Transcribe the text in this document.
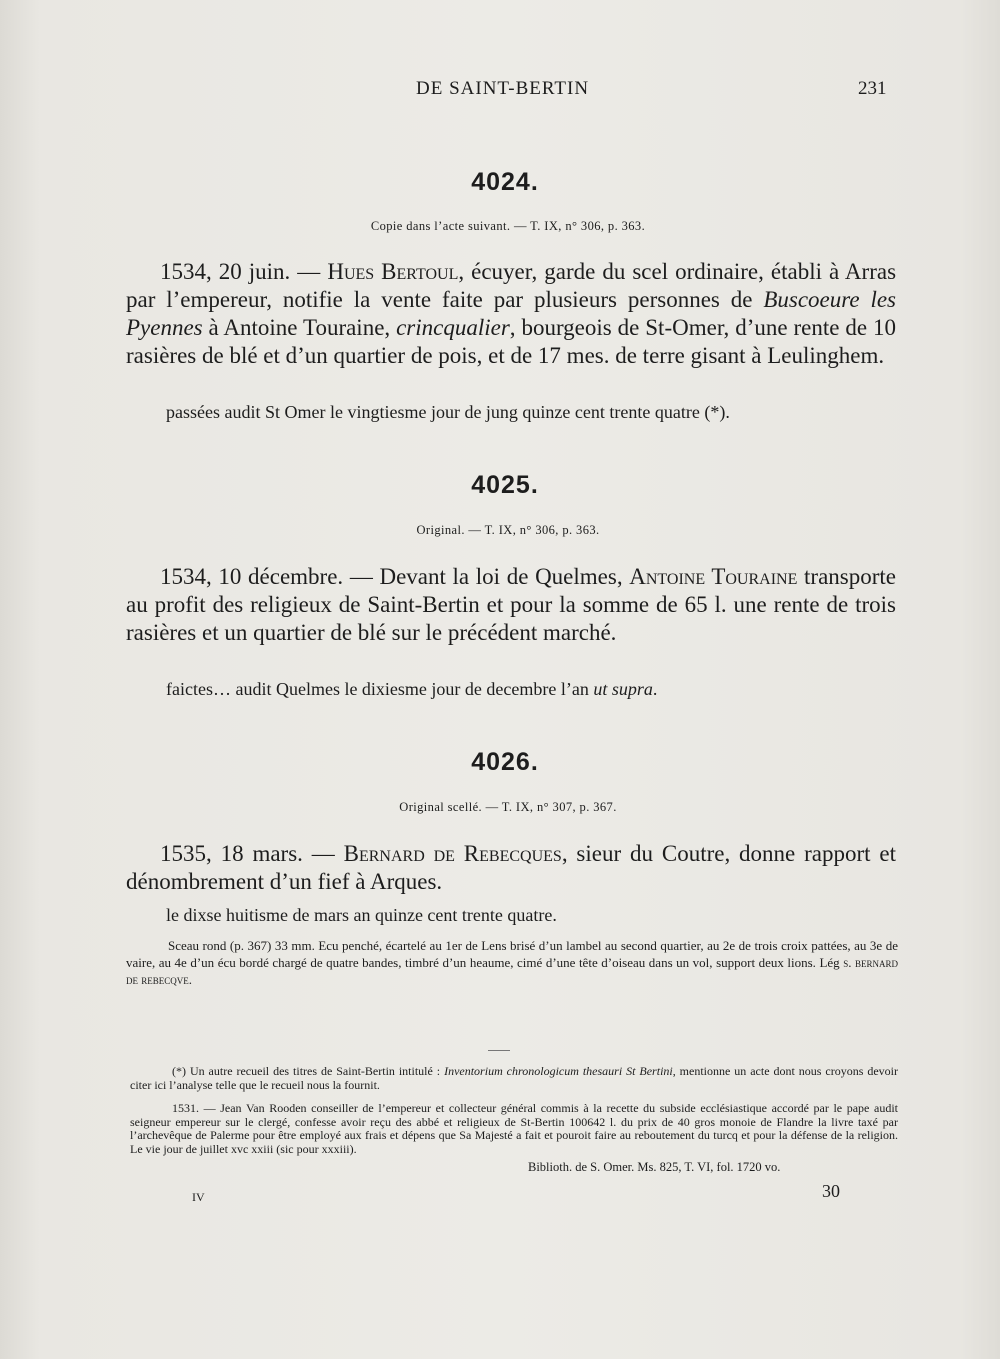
DE SAINT-BERTIN	231
4024.
Copie dans l’acte suivant. — T. IX, n° 306, p. 363.

1534, 20 juin. — Hues Bertoul, écuyer, garde du scel ordinaire, établi à Arras par l’empereur, notifie la vente faite par plusieurs personnes de Buscoeure les Pyennes à Antoine Touraine, crincqualier, bourgeois de St-Omer, d’une rente de 10 rasières de blé et d’un quartier de pois, et de 17 mes. de terre gisant à Leulinghem.

passées audit St Omer le vingtiesme jour de jung quinze cent trente quatre (*).

4025.
Original. — T. IX, n° 306, p. 363.

1534, 10 décembre. — Devant la loi de Quelmes, Antoine Touraine transporte au profit des religieux de Saint-Bertin et pour la somme de 65 l. une rente de trois rasières et un quartier de blé sur le précédent marché.

faictes… audit Quelmes le dixiesme jour de decembre l’an ut supra.

4026.
Original scellé. — T. IX, n° 307, p. 367.

1535, 18 mars. — Bernard de Rebecques, sieur du Coutre, donne rapport et dénombrement d’un fief à Arques.

le dixse huitisme de mars an quinze cent trente quatre.

Sceau rond (p. 367) 33 mm. Ecu penché, écartelé au 1er de Lens brisé d’un lambel au second quartier, au 2e de trois croix pattées, au 3e de vaire, au 4e d’un écu bordé chargé de quatre bandes, timbré d’un heaume, cimé d’une tête d’oiseau dans un vol, support deux lions. Lég s. bernard de rebecqve.

(*) Un autre recueil des titres de Saint-Bertin intitulé : Inventorium chronologicum thesauri St Bertini, mentionne un acte dont nous croyons devoir citer ici l’analyse telle que le recueil nous la fournit.

1531. — Jean Van Rooden conseiller de l’empereur et collecteur général commis à la recette du subside ecclésiastique accordé par le pape audit seigneur empereur sur le clergé, confesse avoir reçu des abbé et religieux de St-Bertin 100642 l. du prix de 40 gros monoie de Flandre la livre taxé par l’archevêque de Palerme pour être employé aux frais et dépens que Sa Majesté a fait et pouroit faire au reboutement du turcq et pour la défense de la religion. Le vie jour de juillet xvc xxiii (sic pour xxxiii).

Biblioth. de S. Omer. Ms. 825, T. VI, fol. 1720 vo.
IV	30
